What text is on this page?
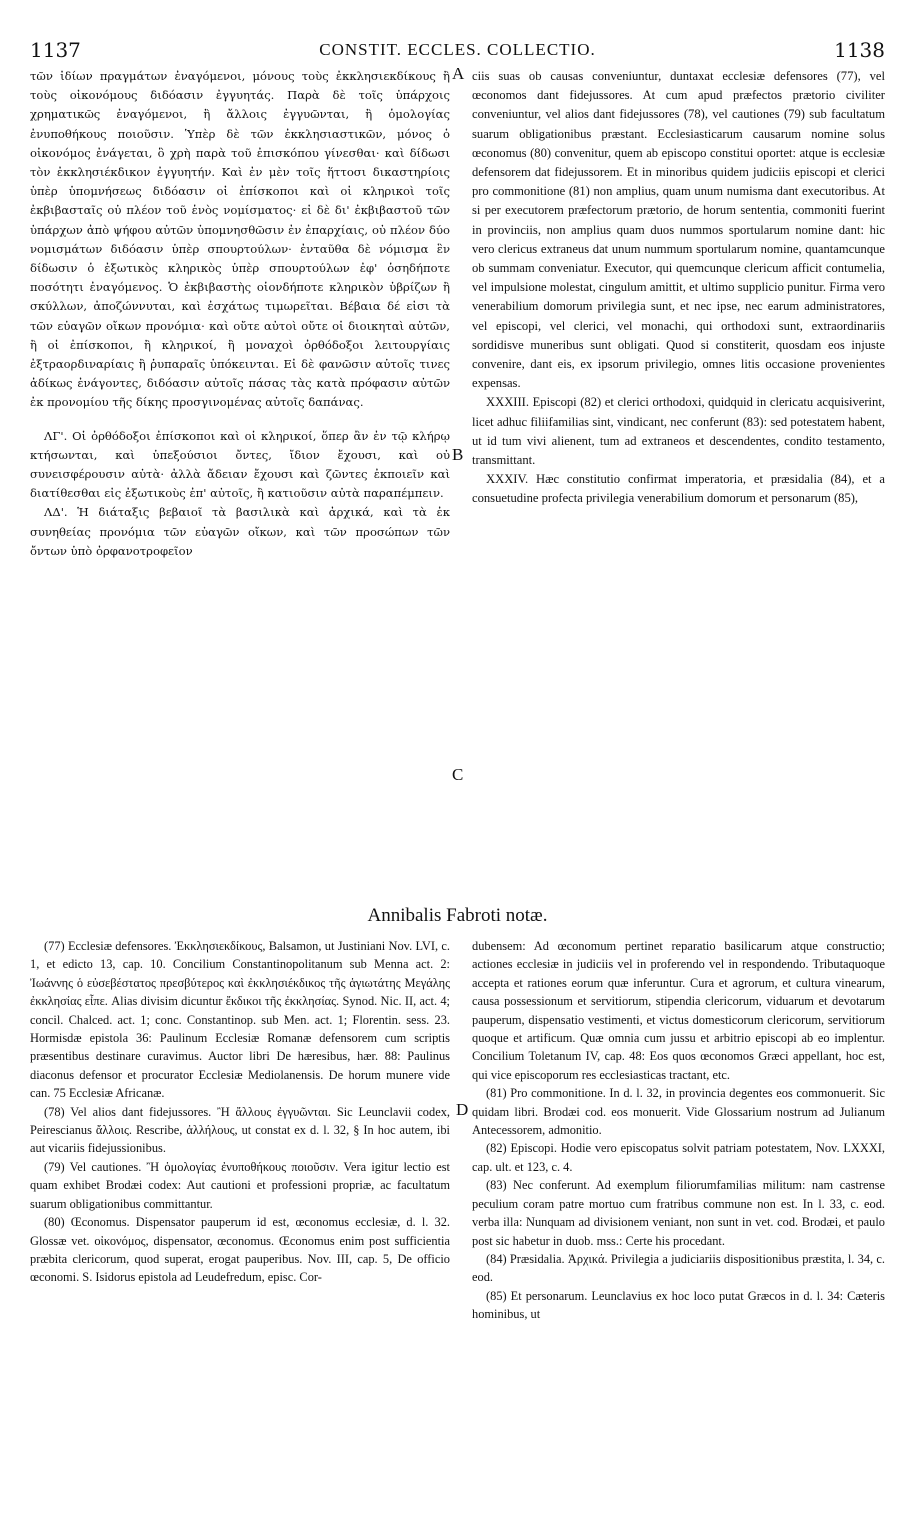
1137	CONSTIT. ECCLES. COLLECTIO.	1138

τῶν ἰδίων πραγμάτων ἐναγόμενοι, μόνους τοὺς ἐκκλησιεκδίκους ἢ τοὺς οἰκονόμους διδόασιν ἐγγυητάς. Παρὰ δὲ τοῖς ὑπάρχοις χρηματικῶς ἐναγόμενοι, ἢ ἄλλοις ἐγγυῶνται, ἢ ὁμολογίας ἐνυποθήκους ποιοῦσιν. Ὑπὲρ δὲ τῶν ἐκκλησιαστικῶν, μόνος ὁ οἰκονόμος ἐνάγεται, ὃ χρὴ παρὰ τοῦ ἐπισκόπου γίνεσθαι· καὶ δίδωσι τὸν ἐκκλησιέκδικον ἐγγυητήν. Καὶ ἐν μὲν τοῖς ἥττοσι δικαστηρίοις ὑπὲρ ὑπομνήσεως διδόασιν οἱ ἐπίσκοποι καὶ οἱ κληρικοὶ τοῖς ἐκβιβασταῖς οὐ πλέον τοῦ ἑνὸς νομίσματος· εἰ δὲ δι' ἐκβιβαστοῦ τῶν ὑπάρχων ἀπὸ ψήφου αὐτῶν ὑπομνησθῶσιν ἐν ἐπαρχίαις, οὐ πλέον δύο νομισμάτων διδόασιν ὑπὲρ σπουρτούλων· ἐνταῦθα δὲ νόμισμα ἓν δίδωσιν ὁ ἐξωτικὸς κληρικὸς ὑπὲρ σπουρτούλων ἐφ' ὁσηδήποτε ποσότητι ἐναγόμενος. Ὁ ἐκβιβαστὴς οἱονδήποτε κληρικὸν ὑβρίζων ἢ σκύλλων, ἀποζώννυται, καὶ ἐσχάτως τιμωρεῖται. Βέβαια δέ εἰσι τὰ τῶν εὐαγῶν οἴκων προνόμια· καὶ οὔτε αὐτοὶ οὔτε οἱ διοικηταὶ αὐτῶν, ἢ οἱ ἐπίσκοποι, ἢ κληρικοί, ἢ μοναχοὶ ὀρθόδοξοι λειτουργίαις ἐξτραορδιναρίαις ἢ ῥυπαραῖς ὑπόκεινται. Εἰ δὲ φανῶσιν αὐτοῖς τινες ἀδίκως ἐνάγοντες, διδόασιν αὐτοῖς πάσας τὰς κατὰ πρόφασιν αὐτῶν ἐκ προνομίου τῆς δίκης προσγινομένας αὐτοῖς δαπάνας.

ΛΓ'. Οἱ ὀρθόδοξοι ἐπίσκοποι καὶ οἱ κληρικοί, ὅπερ ἂν ἐν τῷ κλήρῳ κτήσωνται, καὶ ὑπεξούσιοι ὄντες, ἴδιον ἔχουσι, καὶ οὐ συνεισφέρουσιν αὐτὰ· ἀλλὰ ἄδειαν ἔχουσι καὶ ζῶντες ἐκποιεῖν καὶ διατίθεσθαι εἰς ἐξωτικοὺς ἐπ' αὐτοῖς, ἢ κατιοῦσιν αὐτὰ παραπέμπειν.

ΛΔ'. Ἡ διάταξις βεβαιοῖ τὰ βασιλικὰ καὶ ἀρχικά, καὶ τὰ ἐκ συνηθείας προνόμια τῶν εὐαγῶν οἴκων, καὶ τῶν προσώπων τῶν ὄντων ὑπὸ ὀρφανοτροφεῖον

A
B
C
D

ciis suas ob causas conveniuntur, duntaxat ecclesiæ defensores (77), vel œconomos dant fidejussores. At cum apud præfectos prætorio civiliter conveniuntur, vel alios dant fidejussores (78), vel cautiones (79) sub facultatum suarum obligationibus præstant. Ecclesiasticarum causarum nomine solus œconomus (80) convenitur, quem ab episcopo constitui oportet: atque is ecclesiæ defensorem dat fidejussorem. Et in minoribus quidem judiciis episcopi et clerici pro commonitione (81) non amplius, quam unum numisma dant executoribus. At si per executorem præfectorum prætorio, de horum sententia, commoniti fuerint in provinciis, non amplius quam duos nummos sportularum nomine dant: hic vero clericus extraneus dat unum nummum sportularum nomine, quantamcunque ob summam conveniatur. Executor, qui quemcunque clericum afficit contumelia, vel impulsione molestat, cingulum amittit, et ultimo supplicio punitur. Firma vero venerabilium domorum privilegia sunt, et nec ipse, nec earum administratores, vel episcopi, vel clerici, vel monachi, qui orthodoxi sunt, extraordinariis sordidisve muneribus sunt obligati. Quod si constiterit, quosdam eos injuste convenire, dant eis, ex ipsorum privilegio, omnes litis occasione provenientes expensas.

XXXIII. Episcopi (82) et clerici orthodoxi, quidquid in clericatu acquisiverint, licet adhuc filiifamilias sint, vindicant, nec conferunt (83): sed potestatem habent, ut id tum vivi alienent, tum ad extraneos et descendentes, condito testamento, transmittant.

XXXIV. Hæc constitutio confirmat imperatoria, et præsidalia (84), et a consuetudine profecta privilegia venerabilium domorum et personarum (85),

Annibalis Fabroti notæ.

(77) Ecclesiæ defensores. Ἐκκλησιεκδίκους, Balsamon, ut Justiniani Nov. LVI, c. 1, et edicto 13, cap. 10. Concilium Constantinopolitanum sub Menna act. 2: Ἰωάννης ὁ εὐσεβέστατος πρεσβύτερος καὶ ἐκκλησιέκδικος τῆς ἁγιωτάτης Μεγάλης ἐκκλησίας εἶπε. Alias divisim dicuntur ἔκδικοι τῆς ἐκκλησίας. Synod. Nic. II, act. 4; concil. Chalced. act. 1; conc. Constantinop. sub Men. act. 1; Florentin. sess. 23. Hormisdæ epistola 36: Paulinum Ecclesiæ Romanæ defensorem cum scriptis præsentibus destinare curavimus. Auctor libri De hæresibus, hær. 88: Paulinus diaconus defensor et procurator Ecclesiæ Mediolanensis. De horum munere vide can. 75 Ecclesiæ Africanæ.

(78) Vel alios dant fidejussores. Ἢ ἄλλους ἐγγυῶνται. Sic Leunclavii codex, Peirescianus ἄλλοις. Rescribe, ἀλλήλους, ut constat ex d. l. 32, § In hoc autem, ibi aut vicariis fidejussionibus.

(79) Vel cautiones. Ἢ ὁμολογίας ἐνυποθήκους ποιοῦσιν. Vera igitur lectio est quam exhibet Brodæi codex: Aut cautioni et professioni propriæ, ac facultatum suarum obligationibus committantur.

(80) Œconomus. Dispensator pauperum id est, œconomus ecclesiæ, d. l. 32. Glossæ vet. οἰκονόμος, dispensator, œconomus. Œconomus enim post sufficientia præbita clericorum, quod superat, erogat pauperibus. Nov. III, cap. 5, De officio œconomi. S. Isidorus epistola ad Leudefredum, episc. Cor-

dubensem: Ad œconomum pertinet reparatio basilicarum atque constructio; actiones ecclesiæ in judiciis vel in proferendo vel in respondendo. Tributaquoque accepta et rationes eorum quæ inferuntur. Cura et agrorum, et cultura vinearum, causa possessionum et servitiorum, stipendia clericorum, viduarum et devotarum pauperum, dispensatio vestimenti, et victus domesticorum clericorum, servitiorum quoque et artificum. Quæ omnia cum jussu et arbitrio episcopi ab eo implentur. Concilium Toletanum IV, cap. 48: Eos quos œconomos Græci appellant, hoc est, qui vice episcoporum res ecclesiasticas tractant, etc.

(81) Pro commonitione. In d. l. 32, in provincia degentes eos commonuerit. Sic quidam libri. Brodæi cod. eos monuerit. Vide Glossarium nostrum ad Julianum Antecessorem, admonitio.

(82) Episcopi. Hodie vero episcopatus solvit patriam potestatem, Nov. LXXXI, cap. ult. et 123, c. 4.

(83) Nec conferunt. Ad exemplum filiorumfamilias militum: nam castrense peculium coram patre mortuo cum fratribus commune non est. In l. 33, c. eod. verba illa: Nunquam ad divisionem veniant, non sunt in vet. cod. Brodæi, et paulo post sic habetur in duob. mss.: Certe his procedant.

(84) Præsidalia. Ἀρχικά. Privilegia a judiciariis dispositionibus præstita, l. 34, c. eod.

(85) Et personarum. Leunclavius ex hoc loco putat Græcos in d. l. 34: Cæteris hominibus, ut
